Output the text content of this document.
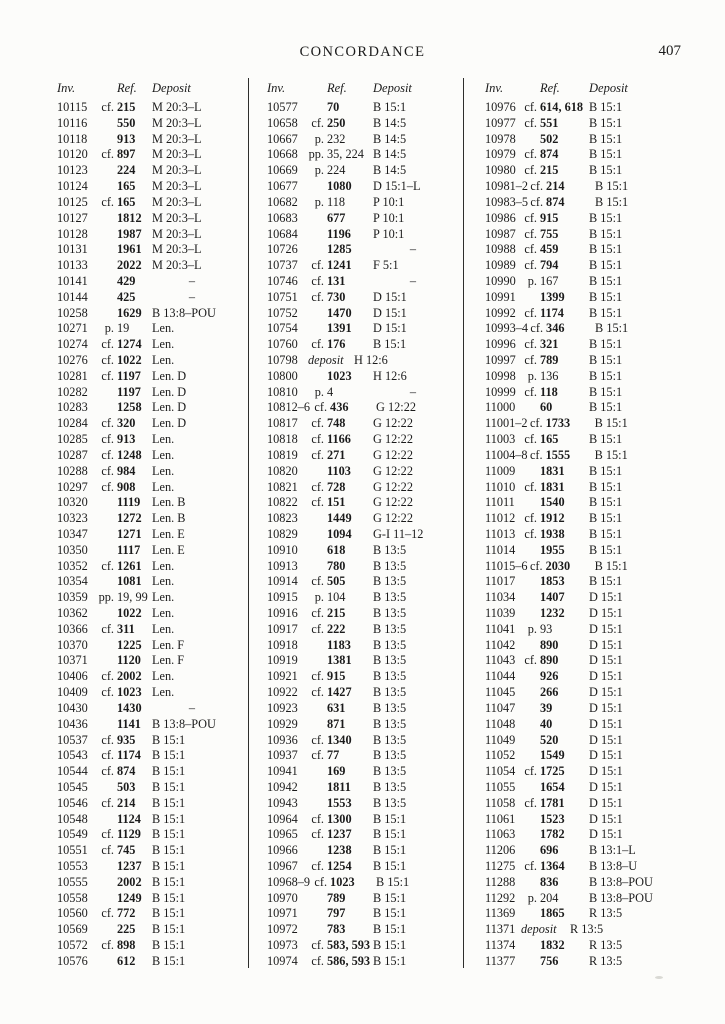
CONCORDANCE	407
Inv.	Ref.	Deposit
10115	cf. 215	M 20:3–L
10116	550	M 20:3–L
10118	913	M 20:3–L
10120	cf. 897	M 20:3–L
10123	224	M 20:3–L
10124	165	M 20:3–L
10125	cf. 165	M 20:3–L
10127	1812 M 20:3–L
10128	1987 M 20:3–L
10131	1961 M 20:3–L
10133	2022 M 20:3–L
10141	429	–
10144	425	–
10258	1629 B 13:8–POU
10271	p. 19	Len.
10274	cf. 1274 Len.
10276	cf. 1022 Len.
10281	cf. 1197 Len. D
10282	1197 Len. D
10283	1258 Len. D
10284	cf. 320	Len. D
10285	cf. 913	Len.
10287	cf. 1248 Len.
10288	cf. 984	Len.
10297	cf. 908	Len.
10320	1119 Len. B
10323	1272 Len. B
10347	1271 Len. E
10350	1117 Len. E
10352	cf. 1261 Len.
10354	1081 Len.
10359 pp. 19, 99 Len.
10362	1022 Len.
10366	cf. 311	Len.
10370	1225 Len. F
10371	1120 Len. F
10406	cf. 2002 Len.
10409	cf. 1023 Len.
10430	1430	–
10436	1141 B 13:8–POU
10537	cf. 935	B 15:1
10543	cf. 1174 B 15:1
10544	cf. 874	B 15:1
10545	503	B 15:1
10546	cf. 214	B 15:1
10548	1124 B 15:1
10549	cf. 1129 B 15:1
10551	cf. 745	B 15:1
10553	1237 B 15:1
10555	2002 B 15:1
10558	1249 B 15:1
10560	cf. 772	B 15:1
10569	225	B 15:1
10572	cf. 898	B 15:1
10576	612	B 15:1
Inv.	Ref.	Deposit
10577	70	B 15:1
10658	cf. 250	B 14:5
10667	p. 232	B 14:5
10668 pp. 35, 224 B 14:5
10669	p. 224	B 14:5
10677	1080	D 15:1–L
10682	p. 118	P 10:1
10683	677	P 10:1
10684	1196	P 10:1
10726	1285	–
10737	cf. 1241	F 5:1
10746	cf. 131	–
10751	cf. 730	D 15:1
10752	1470	D 15:1
10754	1391	D 15:1
10760	cf. 176	B 15:1
10798 deposit H 12:6
10800	1023	H 12:6
10810	p. 4	–
10812–6 cf. 436	G 12:22
10817	cf. 748	G 12:22
10818	cf. 1166	G 12:22
10819	cf. 271	G 12:22
10820	1103	G 12:22
10821	cf. 728	G 12:22
10822	cf. 151	G 12:22
10823	1449	G 12:22
10829	1094	G-I 11–12
10910	618	B 13:5
10913	780	B 13:5
10914	cf. 505	B 13:5
10915	p. 104	B 13:5
10916	cf. 215	B 13:5
10917	cf. 222	B 13:5
10918	1183	B 13:5
10919	1381	B 13:5
10921	cf. 915	B 13:5
10922	cf. 1427	B 13:5
10923	631	B 13:5
10929	871	B 13:5
10936	cf. 1340	B 13:5
10937	cf. 77	B 13:5
10941	169	B 13:5
10942	1811	B 13:5
10943	1553	B 13:5
10964	cf. 1300	B 15:1
10965	cf. 1237	B 15:1
10966	1238	B 15:1
10967	cf. 1254	B 15:1
10968–9 cf. 1023	B 15:1
10970	789	B 15:1
10971	797	B 15:1
10972	783	B 15:1
10973	cf. 583, 593 B 15:1
10974	cf. 586, 593 B 15:1
Inv.	Ref.	Deposit
10976 cf. 614, 618 B 15:1
10977 cf. 551	B 15:1
10978	502	B 15:1
10979 cf. 874	B 15:1
10980 cf. 215	B 15:1
10981–2 cf. 214	B 15:1
10983–5 cf. 874	B 15:1
10986 cf. 915	B 15:1
10987 cf. 755	B 15:1
10988 cf. 459	B 15:1
10989 cf. 794	B 15:1
10990 p. 167	B 15:1
10991	1399	B 15:1
10992 cf. 1174	B 15:1
10993–4 cf. 346	B 15:1
10996 cf. 321	B 15:1
10997 cf. 789	B 15:1
10998 p. 136	B 15:1
10999 cf. 118	B 15:1
11000	60	B 15:1
11001–2 cf. 1733	B 15:1
11003 cf. 165	B 15:1
11004–8 cf. 1555	B 15:1
11009	1831	B 15:1
11010 cf. 1831	B 15:1
11011	1540	B 15:1
11012 cf. 1912	B 15:1
11013 cf. 1938	B 15:1
11014	1955	B 15:1
11015–6 cf. 2030	B 15:1
11017	1853	B 15:1
11034	1407	D 15:1
11039	1232	D 15:1
11041	p. 93	D 15:1
11042	890	D 15:1
11043 cf. 890	D 15:1
11044	926	D 15:1
11045	266	D 15:1
11047	39	D 15:1
11048	40	D 15:1
11049	520	D 15:1
11052	1549	D 15:1
11054 cf. 1725	D 15:1
11055	1654	D 15:1
11058 cf. 1781	D 15:1
11061	1523	D 15:1
11063	1782	D 15:1
11206	696	B 13:1–L
11275 cf. 1364	B 13:8–U
11288	836	B 13:8–POU
11292	p. 204	B 13:8–POU
11369	1865	R 13:5
11371 deposit	R 13:5
11374	1832	R 13:5
11377	756	R 13:5
